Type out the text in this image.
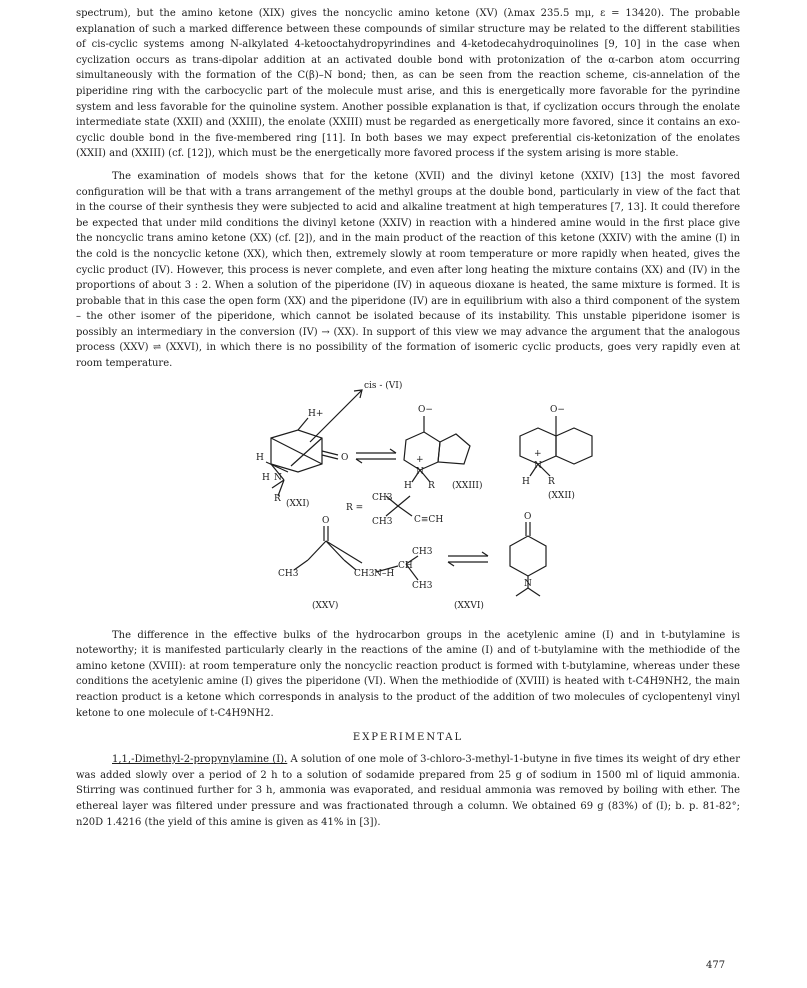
spectrum), but the amino ketone (XIX) gives the noncyclic amino ketone (XV) (λmax 235.5 mμ, ε = 13420). The probable explanation of such a marked difference between these compounds of similar structure may be related to the different stabilities of cis-cyclic systems among N-alkylated 4-ketooctahydropyrindines and 4-ketodecahydroquinolines [9, 10] in the case when cyclization occurs as trans-dipolar addition at an activated double bond with protonization of the α-carbon atom occurring simultaneously with the formation of the C(β)–N bond; then, as can be seen from the reaction scheme, cis-annelation of the piperidine ring with the carbocyclic part of the molecule must arise, and this is energetically more favorable for the pyrindine system and less favorable for the quinoline system. Another possible explanation is that, if cyclization occurs through the enolate intermediate state (XXII) and (XXIII), the enolate (XXIII) must be regarded as energetically more favored, since it contains an exo-cyclic double bond in the five-membered ring [11]. In both bases we may expect preferential cis-ketonization of the enolates (XXII) and (XXIII) (cf. [12]), which must be the energetically more favored process if the system arising is more stable.

The examination of models shows that for the ketone (XVII) and the divinyl ketone (XXIV) [13] the most favored configuration will be that with a trans arrangement of the methyl groups at the double bond, particularly in view of the fact that in the course of their synthesis they were subjected to acid and alkaline treatment at high temperatures [7, 13]. It could therefore be expected that under mild conditions the divinyl ketone (XXIV) in reaction with a hindered amine would in the first place give the noncyclic trans amino ketone (XX) (cf. [2]), and in the main product of the reaction of this ketone (XXIV) with the amine (I) in the cold is the noncyclic ketone (XX), which then, extremely slowly at room temperature or more rapidly when heated, gives the cyclic product (IV). However, this process is never complete, and even after long heating the mixture contains (XX) and (IV) in the proportions of about 3 : 2. When a solution of the piperidone (IV) in aqueous dioxane is heated, the same mixture is formed. It is probable that in this case the open form (XX) and the piperidone (IV) are in equilibrium with also a third component of the system – the other isomer of the piperidone, which cannot be isolated because of its instability. This unstable piperidone isomer is possibly an intermediary in the conversion (IV) → (XX). In support of this view we may advance the argument that the analogous process (XXV) ⇌ (XXVI), in which there is no possibility of the formation of isomeric cyclic products, goes very rapidly even at room temperature.

cis - (VI)
H+
O
H
H N
R (XXI)
O−
+
N
H R (XXIII)
O−
+
N
H R
(XXII)
R =
CH3
CH3 C≡CH
O
CH3	CH3 N–H
CH
CH3
CH3
(XXV)
O
N
(XXVI)

The difference in the effective bulks of the hydrocarbon groups in the acetylenic amine (I) and in t-butylamine is noteworthy; it is manifested particularly clearly in the reactions of the amine (I) and of t-butylamine with the methiodide of the amino ketone (XVIII): at room temperature only the noncyclic reaction product is formed with t-butylamine, whereas under these conditions the acetylenic amine (I) gives the piperidone (VI). When the methiodide of (XVIII) is heated with t-C4H9NH2, the main reaction product is a ketone which corresponds in analysis to the product of the addition of two molecules of cyclopentenyl vinyl ketone to one molecule of t-C4H9NH2.

EXPERIMENTAL

1,1,-Dimethyl-2-propynylamine (I). A solution of one mole of 3-chloro-3-methyl-1-butyne in five times its weight of dry ether was added slowly over a period of 2 h to a solution of sodamide prepared from 25 g of sodium in 1500 ml of liquid ammonia. Stirring was continued further for 3 h, ammonia was evaporated, and residual ammonia was removed by boiling with ether. The ethereal layer was filtered under pressure and was fractionated through a column. We obtained 69 g (83%) of (I); b. p. 81-82°; n20D 1.4216 (the yield of this amine is given as 41% in [3]).

477
